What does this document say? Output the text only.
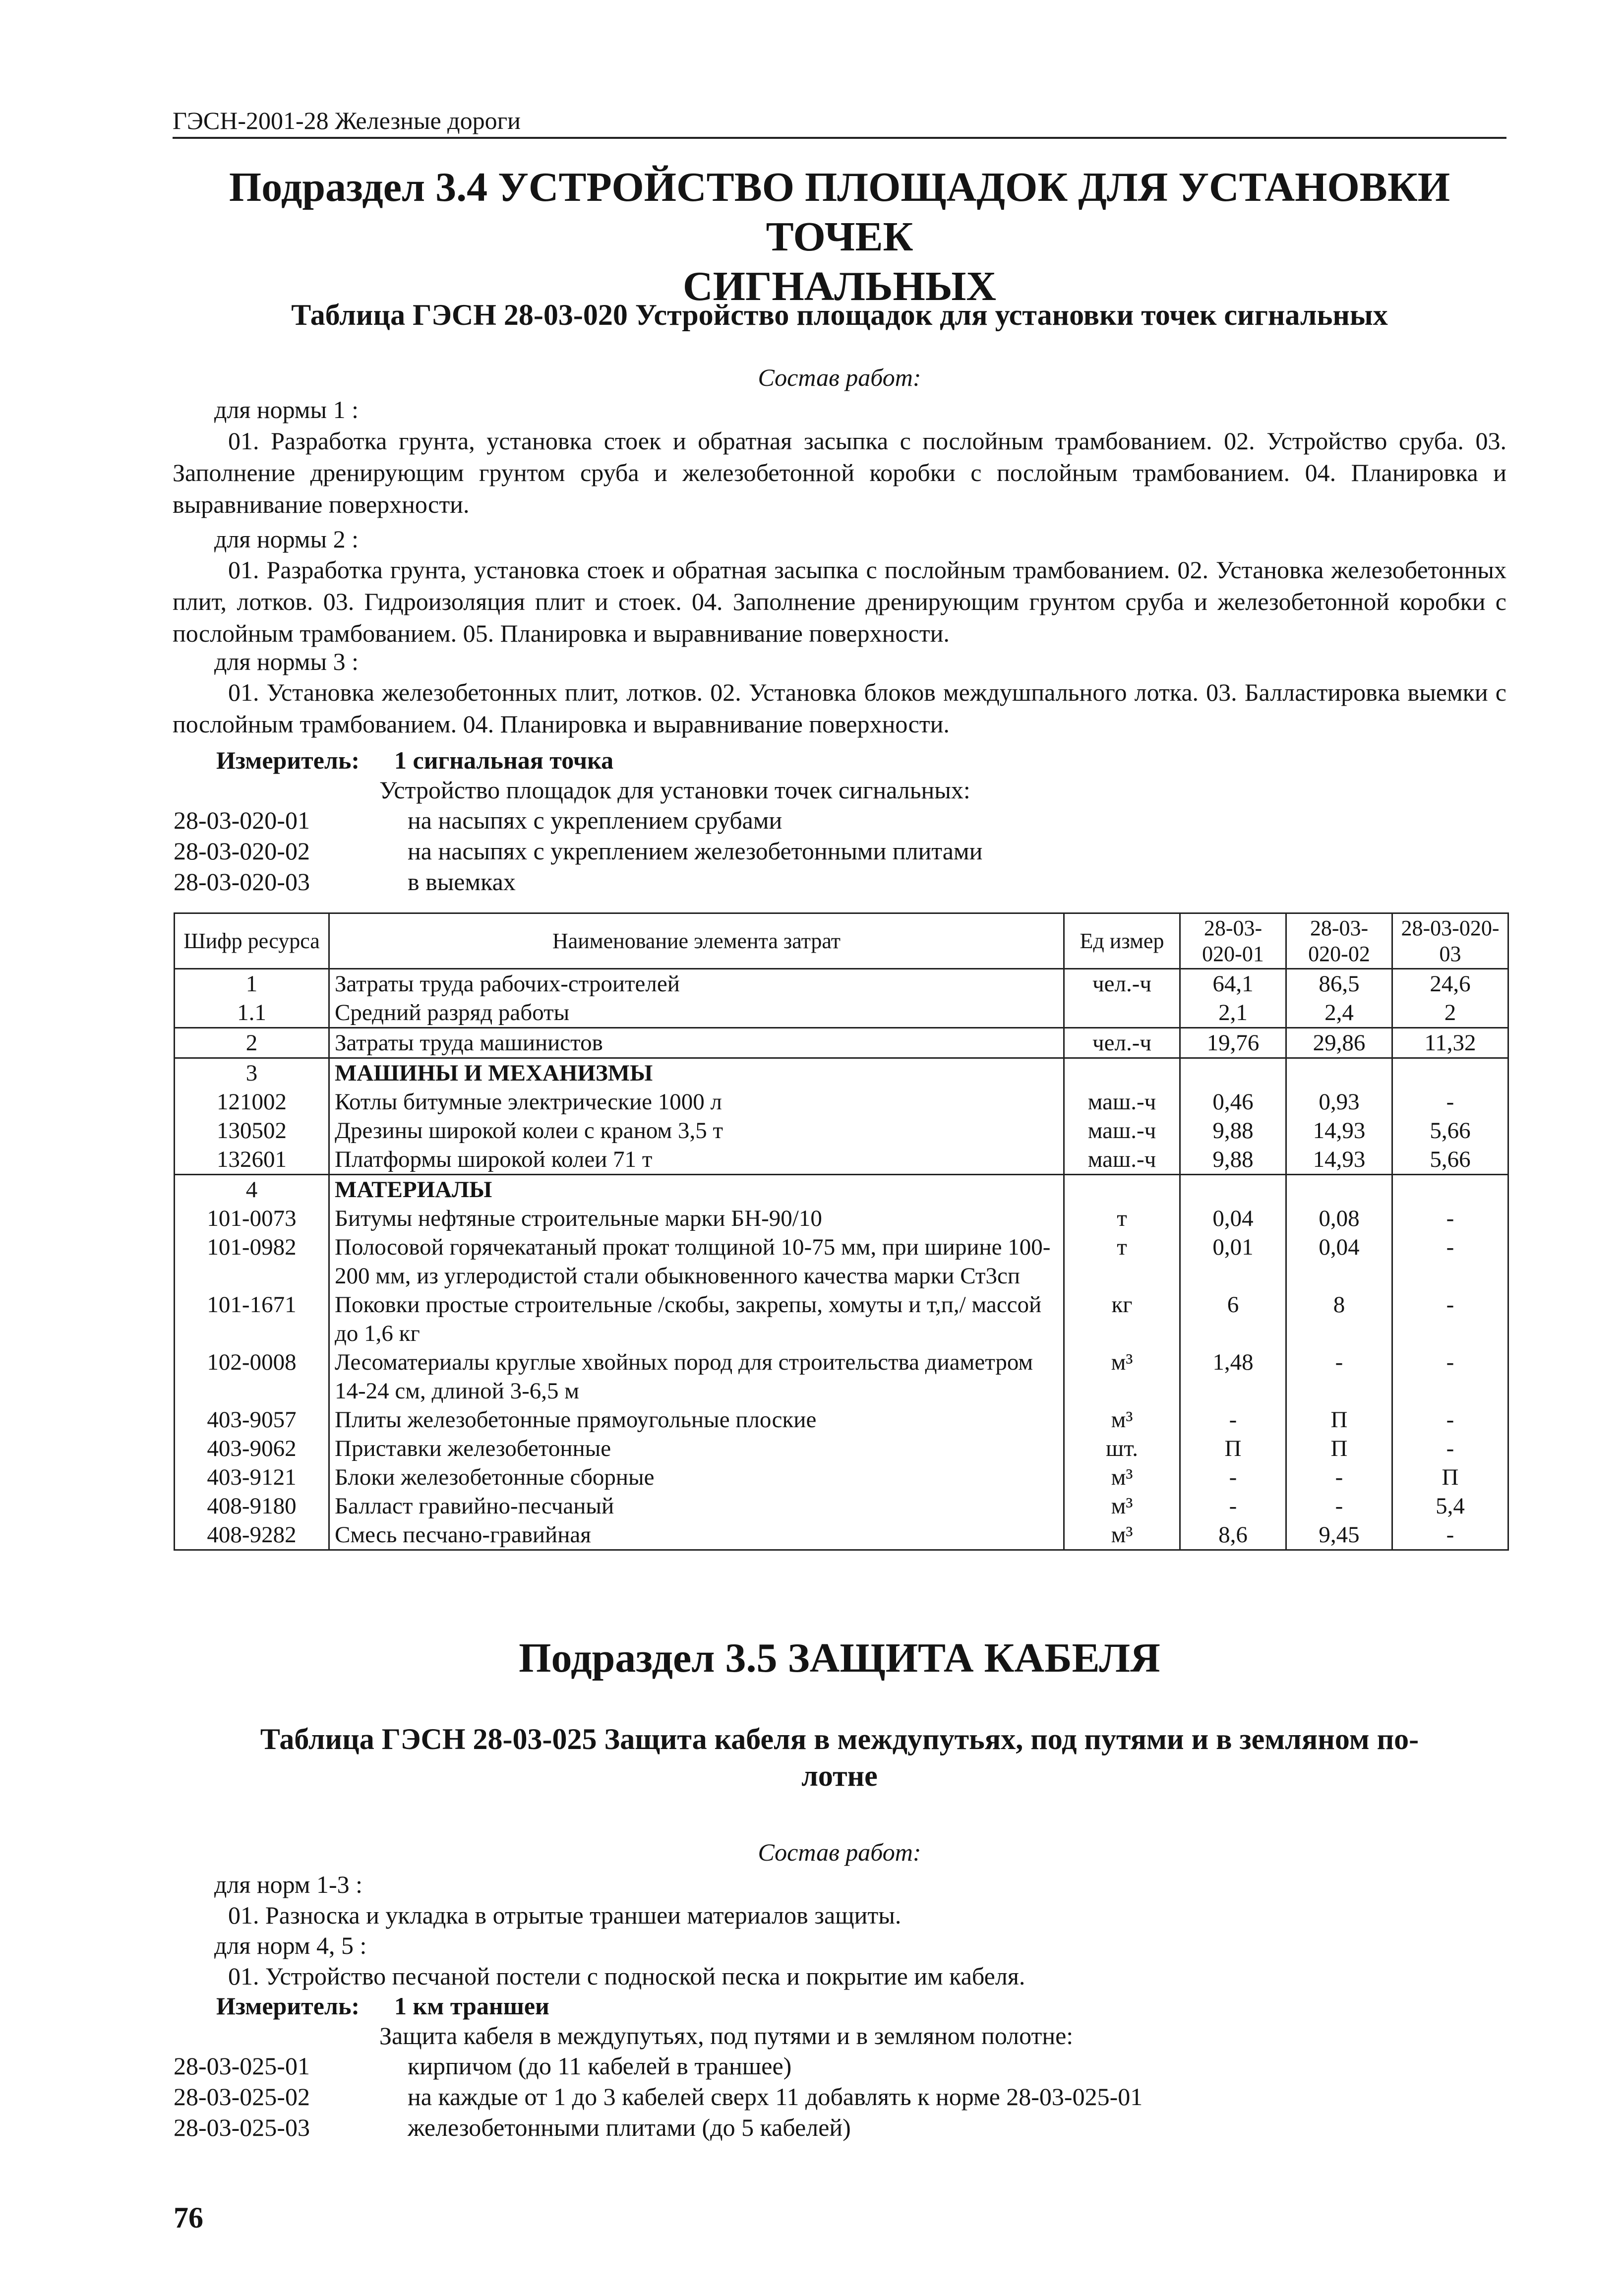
ГЭСН-2001-28 Железные дороги
Подраздел 3.4 УСТРОЙСТВО ПЛОЩАДОК ДЛЯ УСТАНОВКИ ТОЧЕК
СИГНАЛЬНЫХ
Таблица ГЭСН 28-03-020 Устройство площадок для установки точек сигнальных
Состав работ:
для нормы 1 :
01. Разработка грунта, установка стоек и обратная засыпка с послойным трамбованием. 02. Устройство сруба. 03. Заполнение дренирующим грунтом сруба и железобетонной коробки с послойным трамбованием. 04. Планировка и выравнивание поверхности.
для нормы 2 :
01. Разработка грунта, установка стоек и обратная засыпка с послойным трамбованием. 02. Установка железобетонных плит, лотков. 03. Гидроизоляция плит и стоек. 04. Заполнение дренирующим грунтом сруба и железобетонной коробки с послойным трамбованием. 05. Планировка и выравнивание поверхности.
для нормы 3 :
01. Установка железобетонных плит, лотков. 02. Установка блоков междушпального лотка. 03. Балластировка выемки с послойным трамбованием. 04. Планировка и выравнивание поверхности.
Измеритель: 1 сигнальная точка
Устройство площадок для установки точек сигнальных:
28-03-020-01	на насыпях с укреплением срубами
28-03-020-02	на насыпях с укреплением железобетонными плитами
28-03-020-03	в выемках
Шифр ресурса	Наименование элемента затрат	Ед измер	28-03-020-01	28-03-020-02	28-03-020-03
1	Затраты труда рабочих-строителей	чел.-ч	64,1	86,5	24,6
1.1	Средний разряд работы		2,1	2,4	2
2	Затраты труда машинистов	чел.-ч	19,76	29,86	11,32
3	МАШИНЫ И МЕХАНИЗМЫ				
121002	Котлы битумные электрические 1000 л	маш.-ч	0,46	0,93	-
130502	Дрезины широкой колеи с краном 3,5 т	маш.-ч	9,88	14,93	5,66
132601	Платформы широкой колеи 71 т	маш.-ч	9,88	14,93	5,66
4	МАТЕРИАЛЫ				
101-0073	Битумы нефтяные строительные марки БН-90/10	т	0,04	0,08	-
101-0982	Полосовой горячекатаный прокат толщиной 10-75 мм, при ширине 100-200 мм, из углеродистой стали обыкновенного качества марки Ст3сп	т	0,01	0,04	-
101-1671	Поковки простые строительные /скобы, закрепы, хомуты и т,п,/ массой до 1,6 кг	кг	6	8	-
102-0008	Лесоматериалы круглые хвойных пород для строительства диаметром 14-24 см, длиной 3-6,5 м	м³	1,48	-	-
403-9057	Плиты железобетонные прямоугольные плоские	м³	-	П	-
403-9062	Приставки железобетонные	шт.	П	П	-
403-9121	Блоки железобетонные сборные	м³	-	-	П
408-9180	Балласт гравийно-песчаный	м³	-	-	5,4
408-9282	Смесь песчано-гравийная	м³	8,6	9,45	-
Подраздел 3.5 ЗАЩИТА КАБЕЛЯ
Таблица ГЭСН 28-03-025 Защита кабеля в междупутьях, под путями и в земляном по-
лотне
Состав работ:
для норм 1-3 :
01. Разноска и укладка в отрытые траншеи материалов защиты.
для норм 4, 5 :
01. Устройство песчаной постели с подноской песка и покрытие им кабеля.
Измеритель: 1 км траншеи
Защита кабеля в междупутьях, под путями и в земляном полотне:
28-03-025-01	кирпичом (до 11 кабелей в траншее)
28-03-025-02	на каждые от 1 до 3 кабелей сверх 11 добавлять к норме 28-03-025-01
28-03-025-03	железобетонными плитами (до 5 кабелей)
76
